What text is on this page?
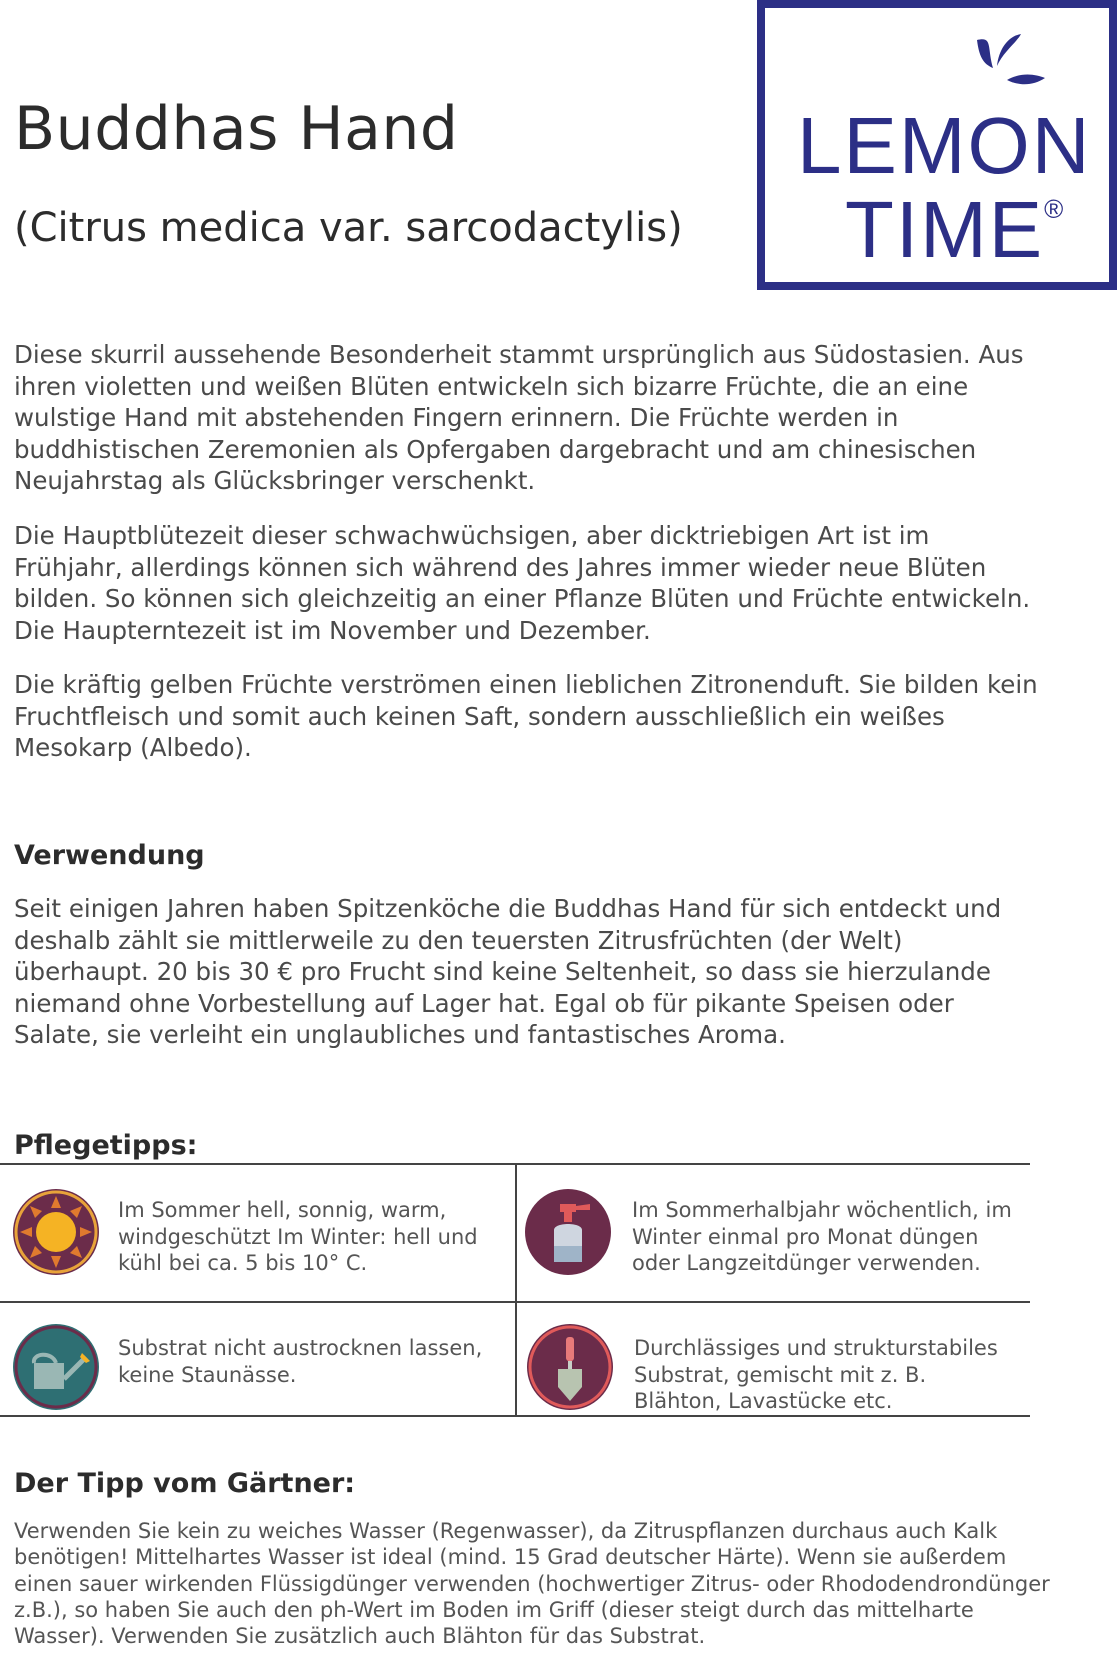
Buddhas Hand
(Citrus medica var. sarcodactylis)
LEMON
TIME®

Diese skurril aussehende Besonderheit stammt ursprünglich aus Südostasien. Aus ihren violetten und weißen Blüten entwickeln sich bizarre Früchte, die an eine wulstige Hand mit abstehenden Fingern erinnern. Die Früchte werden in buddhistischen Zeremonien als Opfergaben dargebracht und am chinesischen Neujahrstag als Glücksbringer verschenkt.

Die Hauptblütezeit dieser schwachwüchsigen, aber dicktriebigen Art ist im Frühjahr, allerdings können sich während des Jahres immer wieder neue Blüten bilden. So können sich gleichzeitig an einer Pflanze Blüten und Früchte entwickeln. Die Haupterntezeit ist im November und Dezember.

Die kräftig gelben Früchte verströmen einen lieblichen Zitronenduft. Sie bilden kein Fruchtfleisch und somit auch keinen Saft, sondern ausschließlich ein weißes Mesokarp (Albedo).

Verwendung

Seit einigen Jahren haben Spitzenköche die Buddhas Hand für sich entdeckt und deshalb zählt sie mittlerweile zu den teuersten Zitrusfrüchten (der Welt) überhaupt. 20 bis 30 € pro Frucht sind keine Seltenheit, so dass sie hierzulande niemand ohne Vorbestellung auf Lager hat. Egal ob für pikante Speisen oder Salate, sie verleiht ein unglaubliches und fantastisches Aroma.

Pflegetipps:
Im Sommer hell, sonnig, warm, windgeschützt Im Winter: hell und kühl bei ca. 5 bis 10° C.
Im Sommerhalbjahr wöchentlich, im Winter einmal pro Monat düngen oder Langzeitdünger verwenden.
Substrat nicht austrocknen lassen, keine Staunässe.
Durchlässiges und strukturstabiles Substrat, gemischt mit z. B. Blähton, Lavastücke etc.
Der Tipp vom Gärtner:

Verwenden Sie kein zu weiches Wasser (Regenwasser), da Zitruspflanzen durchaus auch Kalk benötigen! Mittelhartes Wasser ist ideal (mind. 15 Grad deutscher Härte). Wenn sie außerdem einen sauer wirkenden Flüssigdünger verwenden (hochwertiger Zitrus- oder Rhododendrondünger z.B.), so haben Sie auch den ph-Wert im Boden im Griff (dieser steigt durch das mittelharte Wasser). Verwenden Sie zusätzlich auch Blähton für das Substrat.
